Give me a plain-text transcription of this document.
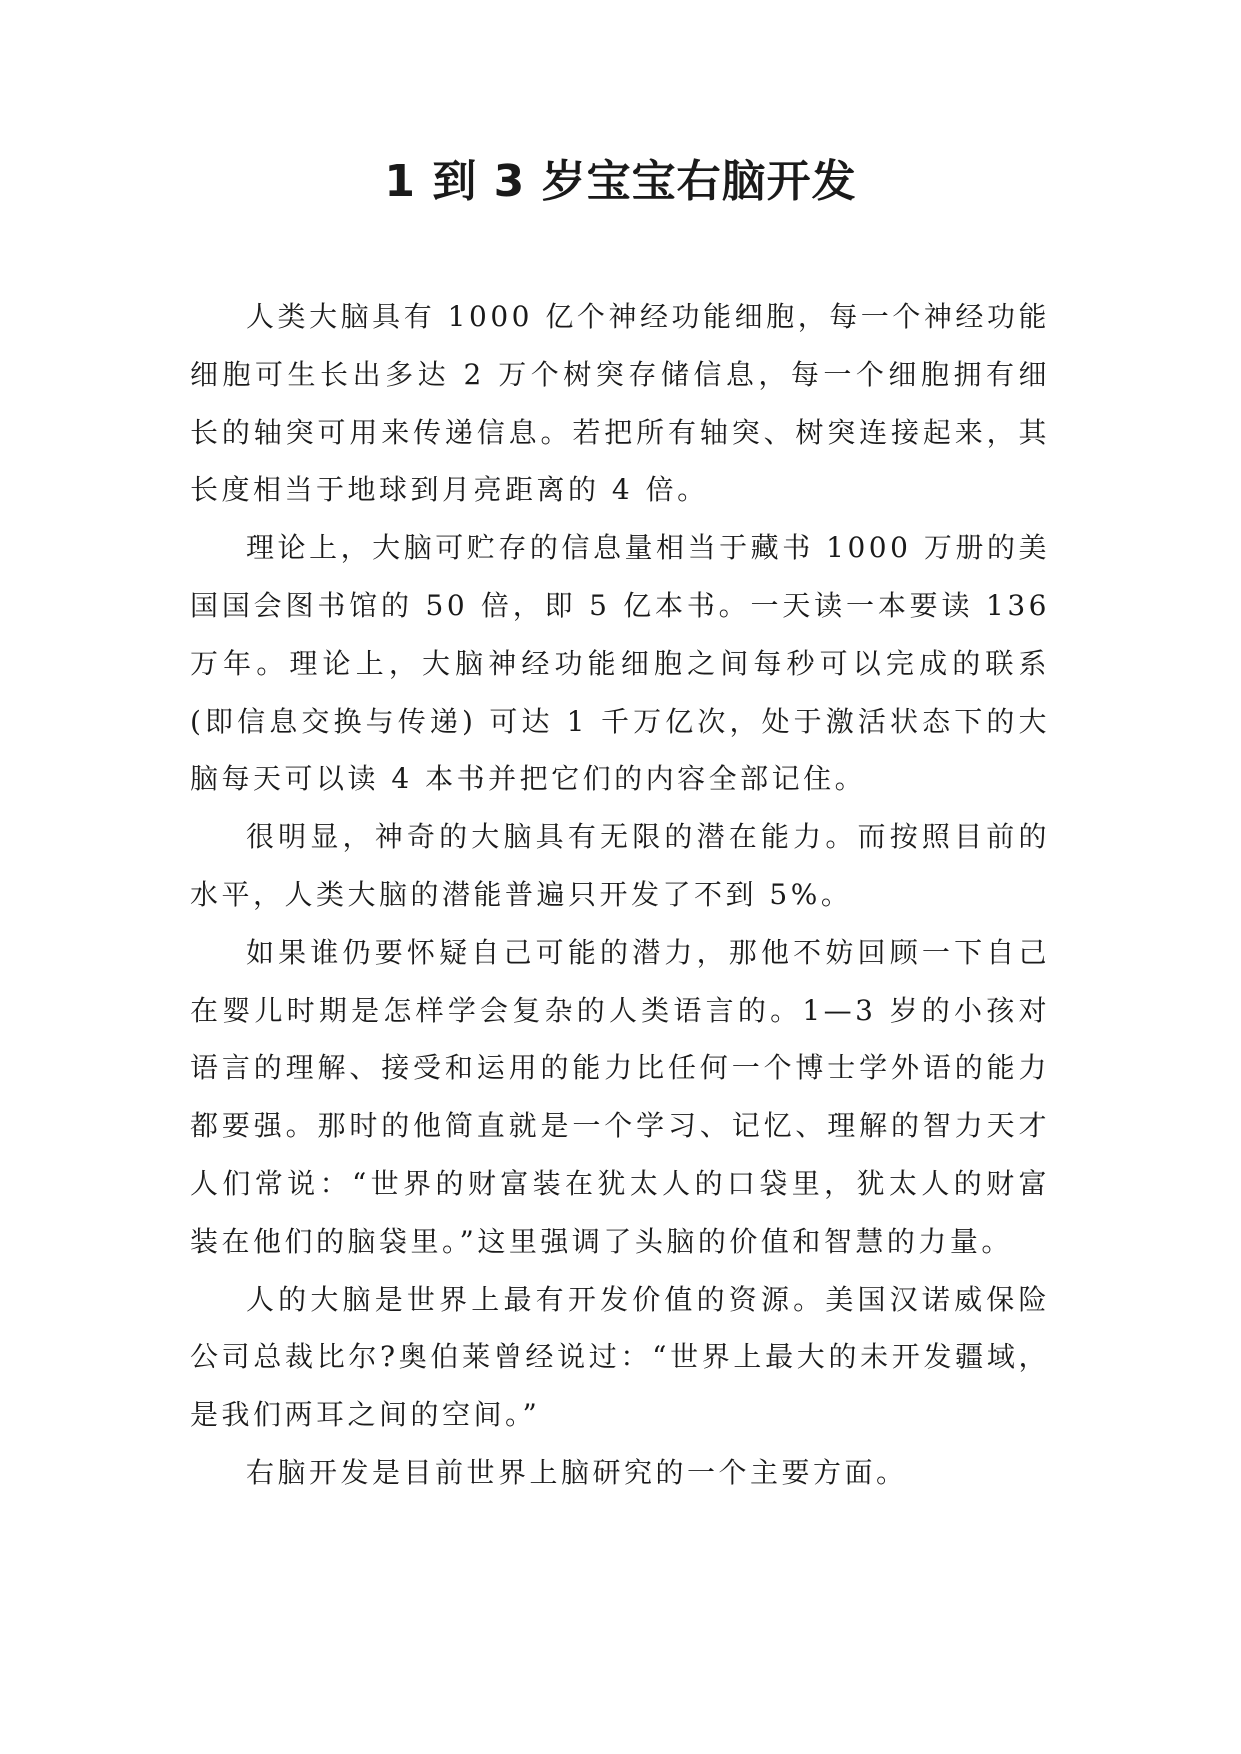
1 到 3 岁宝宝右脑开发

人类大脑具有 1000 亿个神经功能细胞，每一个神经功能细胞可生长出多达 2 万个树突存储信息，每一个细胞拥有细长的轴突可用来传递信息。若把所有轴突、树突连接起来，其长度相当于地球到月亮距离的 4 倍。

理论上，大脑可贮存的信息量相当于藏书 1000 万册的美国国会图书馆的 50 倍，即 5 亿本书。一天读一本要读 136 万年。理论上，大脑神经功能细胞之间每秒可以完成的联系(即信息交换与传递) 可达 1 千万亿次，处于激活状态下的大脑每天可以读 4 本书并把它们的内容全部记住。

很明显，神奇的大脑具有无限的潜在能力。而按照目前的水平，人类大脑的潜能普遍只开发了不到 5%。

如果谁仍要怀疑自己可能的潜力，那他不妨回顾一下自己在婴儿时期是怎样学会复杂的人类语言的。1—3 岁的小孩对语言的理解、接受和运用的能力比任何一个博士学外语的能力都要强。那时的他简直就是一个学习、记忆、理解的智力天才人们常说：“世界的财富装在犹太人的口袋里，犹太人的财富装在他们的脑袋里。”这里强调了头脑的价值和智慧的力量。

人的大脑是世界上最有开发价值的资源。美国汉诺威保险公司总裁比尔?奥伯莱曾经说过：“世界上最大的未开发疆域，是我们两耳之间的空间。”

右脑开发是目前世界上脑研究的一个主要方面。
